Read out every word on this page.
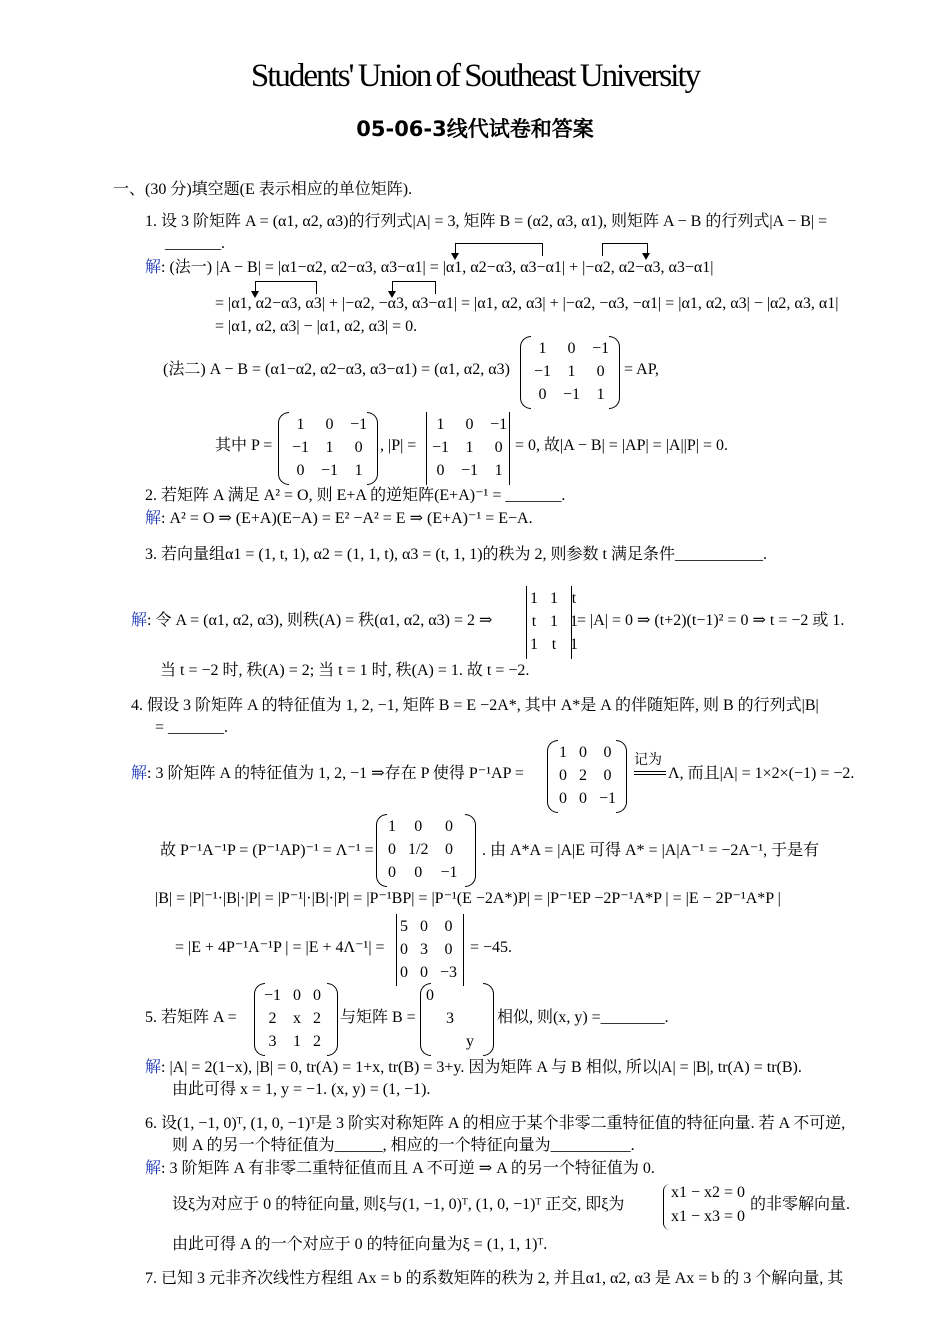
Students' Union of Southeast University
05-06-3线代试卷和答案
一、(30 分)填空题(E 表示相应的单位矩阵).
1. 设 3 阶矩阵 A = (α1, α2, α3)的行列式|A| = 3, 矩阵 B = (α2, α3, α1), 则矩阵 A − B 的行列式|A − B| =
_______.
解: (法一) |A − B| = |α1−α2, α2−α3, α3−α1| = |α1, α2−α3, α3−α1| + |−α2, α2−α3, α3−α1|
= |α1, α2−α3, α3| + |−α2, −α3, α3−α1| = |α1, α2, α3| + |−α2, −α3, −α1| = |α1, α2, α3| − |α2, α3, α1|
= |α1, α2, α3| − |α1, α2, α3| = 0.
(法二) A − B = (α1−α2, α2−α3, α3−α1) = (α1, α2, α3)
1	0	−1
−1	1	0
0	−1	1
= AP,
其中 P =
1	0	−1
−1	1	0
0	−1	1
, |P| =
1	0	−1
−1	1	0
0	−1	1
= 0, 故|A − B| = |AP| = |A||P| = 0.
2. 若矩阵 A 满足 A² = O, 则 E+A 的逆矩阵(E+A)⁻¹ = _______.
解: A² = O ⇒ (E+A)(E−A) = E² −A² = E ⇒ (E+A)⁻¹ = E−A.
3. 若向量组α1 = (1, t, 1), α2 = (1, 1, t), α3 = (t, 1, 1)的秩为 2, 则参数 t 满足条件___________.
解: 令 A = (α1, α2, α3), 则秩(A) = 秩(α1, α2, α3) = 2 ⇒
1	1	t
t	1	1
1	t	1
= |A| = 0 ⇒ (t+2)(t−1)² = 0 ⇒ t = −2 或 1.
当 t = −2 时, 秩(A) = 2; 当 t = 1 时, 秩(A) = 1. 故 t = −2.
4. 假设 3 阶矩阵 A 的特征值为 1, 2, −1, 矩阵 B = E −2A*, 其中 A*是 A 的伴随矩阵, 则 B 的行列式|B|
= _______.
解: 3 阶矩阵 A 的特征值为 1, 2, −1 ⇒存在 P 使得 P⁻¹AP =
1	0	0
0	2	0
0	0	−1
记为
Λ, 而且|A| = 1×2×(−1) = −2.
故 P⁻¹A⁻¹P = (P⁻¹AP)⁻¹ = Λ⁻¹ =
1	0	0
0	1/2	0
0	0	−1
. 由 A*A = |A|E 可得 A* = |A|A⁻¹ = −2A⁻¹, 于是有
|B| = |P|⁻¹·|B|·|P| = |P⁻¹|·|B|·|P| = |P⁻¹BP| = |P⁻¹(E −2A*)P| = |P⁻¹EP −2P⁻¹A*P | = |E − 2P⁻¹A*P |
= |E + 4P⁻¹A⁻¹P | = |E + 4Λ⁻¹| =
5	0	0
0	3	0
0	0	−3
= −45.
5. 若矩阵 A =
−1	0	0
2	x	2
3	1	2
与矩阵 B =
0		
	3	
		y
相似, 则(x, y) =________.
解: |A| = 2(1−x), |B| = 0, tr(A) = 1+x, tr(B) = 3+y. 因为矩阵 A 与 B 相似, 所以|A| = |B|, tr(A) = tr(B).
由此可得 x = 1, y = −1. (x, y) = (1, −1).
6. 设(1, −1, 0)ᵀ, (1, 0, −1)ᵀ是 3 阶实对称矩阵 A 的相应于某个非零二重特征值的特征向量. 若 A 不可逆,
则 A 的另一个特征值为______, 相应的一个特征向量为__________.
解: 3 阶矩阵 A 有非零二重特征值而且 A 不可逆 ⇒ A 的另一个特征值为 0.
设ξ为对应于 0 的特征向量, 则ξ与(1, −1, 0)ᵀ, (1, 0, −1)ᵀ 正交, 即ξ为
x1 − x2 = 0
x1 − x3 = 0
的非零解向量.
由此可得 A 的一个对应于 0 的特征向量为ξ = (1, 1, 1)ᵀ.
7. 已知 3 元非齐次线性方程组 Ax = b 的系数矩阵的秩为 2, 并且α1, α2, α3 是 Ax = b 的 3 个解向量, 其
